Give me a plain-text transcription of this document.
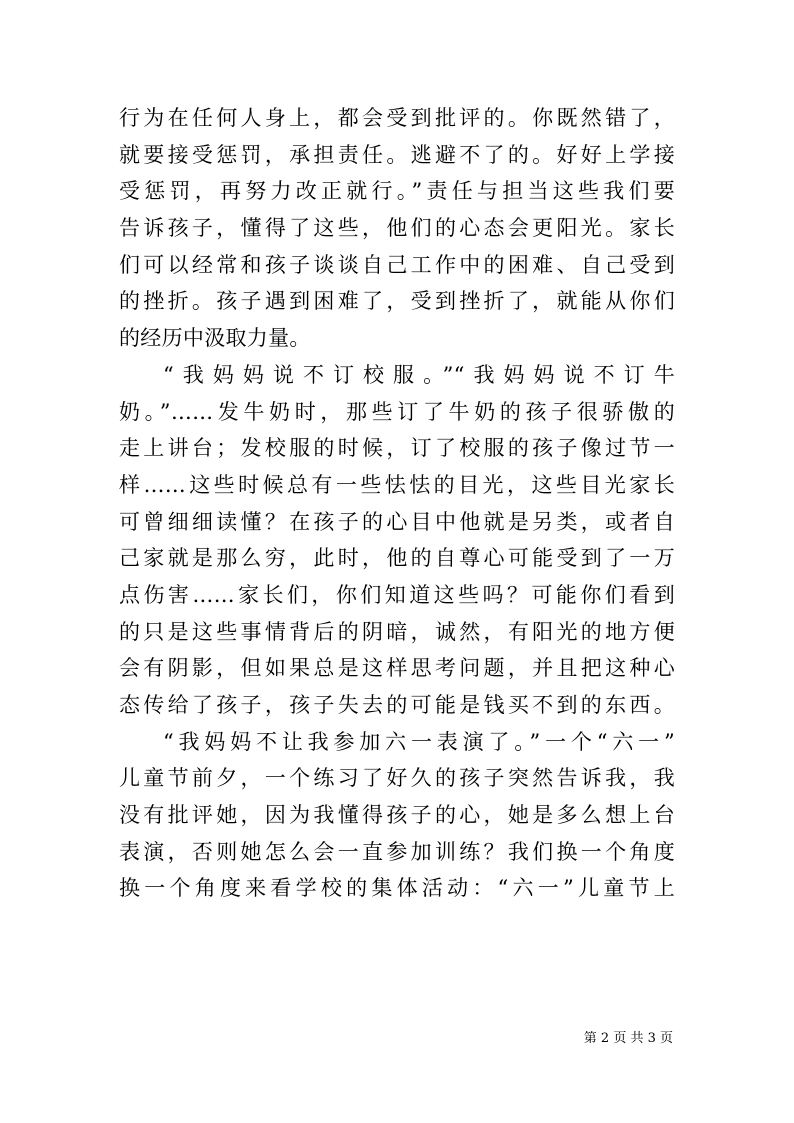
行为在任何人身上，都会受到批评的。你既然错了，
就要接受惩罚，承担责任。逃避不了的。好好上学接
受惩罚，再努力改正就行。”责任与担当这些我们要
告诉孩子，懂得了这些，他们的心态会更阳光。家长
们可以经常和孩子谈谈自己工作中的困难、自己受到
的挫折。孩子遇到困难了，受到挫折了，就能从你们
的经历中汲取力量。
“我妈妈说不订校服。”“我妈妈说不订牛
奶。”……发牛奶时，那些订了牛奶的孩子很骄傲的
走上讲台；发校服的时候，订了校服的孩子像过节一
样……这些时候总有一些怯怯的目光，这些目光家长
可曾细细读懂？在孩子的心目中他就是另类，或者自
己家就是那么穷，此时，他的自尊心可能受到了一万
点伤害……家长们，你们知道这些吗？可能你们看到
的只是这些事情背后的阴暗，诚然，有阳光的地方便
会有阴影，但如果总是这样思考问题，并且把这种心
态传给了孩子，孩子失去的可能是钱买不到的东西。
“我妈妈不让我参加六一表演了。”一个“六一”
儿童节前夕，一个练习了好久的孩子突然告诉我，我
没有批评她，因为我懂得孩子的心，她是多么想上台
表演，否则她怎么会一直参加训练？我们换一个角度
换一个角度来看学校的集体活动：“六一”儿童节上
第 2 页 共 3 页
